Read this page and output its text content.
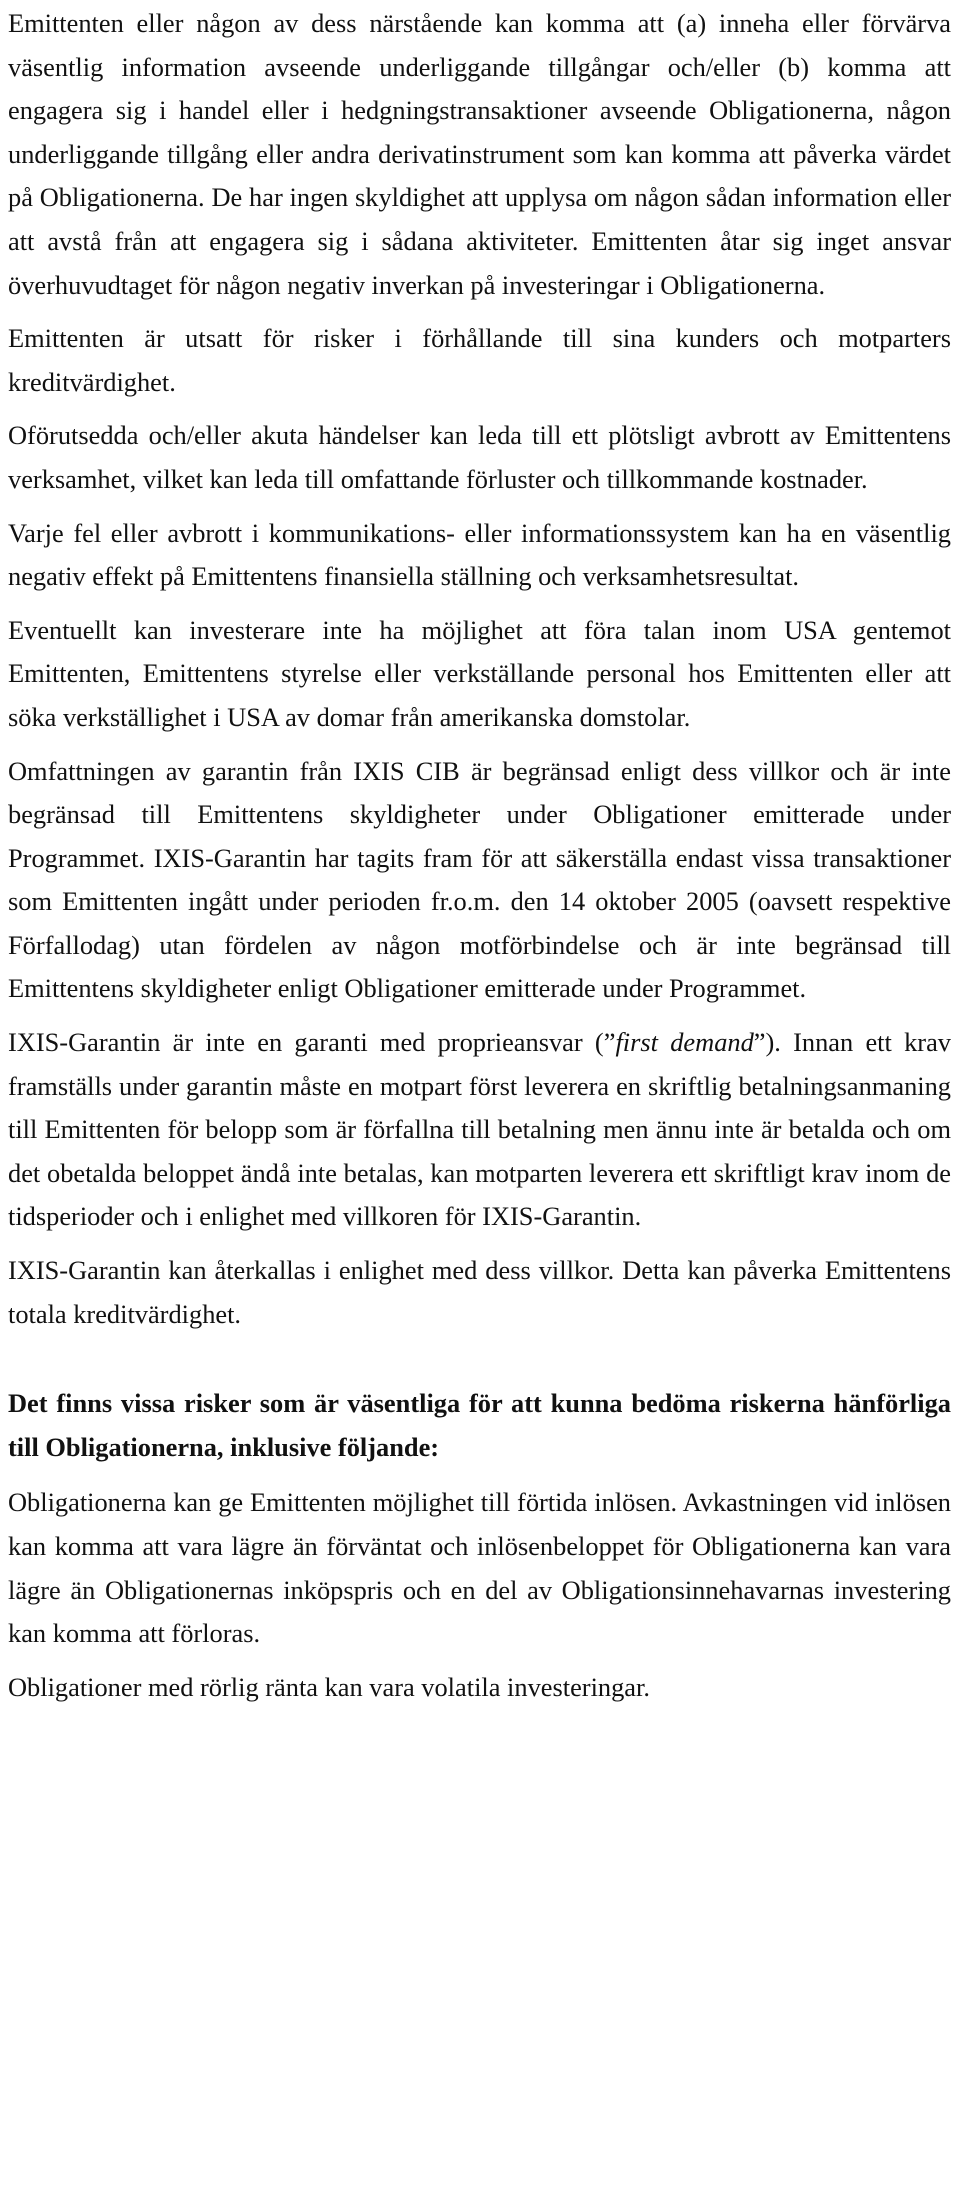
Emittenten eller någon av dess närstående kan komma att (a) inneha eller förvärva väsentlig information avseende underliggande tillgångar och/eller (b) komma att engagera sig i handel eller i hedgningstransaktioner avseende Obligationerna, någon underliggande tillgång eller andra derivatinstrument som kan komma att påverka värdet på Obligationerna. De har ingen skyldighet att upplysa om någon sådan information eller att avstå från att engagera sig i sådana aktiviteter. Emittenten åtar sig inget ansvar överhuvudtaget för någon negativ inverkan på investeringar i Obligationerna.

Emittenten är utsatt för risker i förhållande till sina kunders och motparters kreditvärdighet.

Oförutsedda och/eller akuta händelser kan leda till ett plötsligt avbrott av Emittentens verksamhet, vilket kan leda till omfattande förluster och tillkommande kostnader.

Varje fel eller avbrott i kommunikations- eller informationssystem kan ha en väsentlig negativ effekt på Emittentens finansiella ställning och verksamhetsresultat.

Eventuellt kan investerare inte ha möjlighet att föra talan inom USA gentemot Emittenten, Emittentens styrelse eller verkställande personal hos Emittenten eller att söka verkställighet i USA av domar från amerikanska domstolar.

Omfattningen av garantin från IXIS CIB är begränsad enligt dess villkor och är inte begränsad till Emittentens skyldigheter under Obligationer emitterade under Programmet. IXIS-Garantin har tagits fram för att säkerställa endast vissa transaktioner som Emittenten ingått under perioden fr.o.m. den 14 oktober 2005 (oavsett respektive Förfallodag) utan fördelen av någon motförbindelse och är inte begränsad till Emittentens skyldigheter enligt Obligationer emitterade under Programmet.

IXIS-Garantin är inte en garanti med proprieansvar (”first demand”). Innan ett krav framställs under garantin måste en motpart först leverera en skriftlig betalningsanmaning till Emittenten för belopp som är förfallna till betalning men ännu inte är betalda och om det obetalda beloppet ändå inte betalas, kan motparten leverera ett skriftligt krav inom de tidsperioder och i enlighet med villkoren för IXIS-Garantin.

IXIS-Garantin kan återkallas i enlighet med dess villkor. Detta kan påverka Emittentens totala kreditvärdighet.

Det finns vissa risker som är väsentliga för att kunna bedöma riskerna hänförliga till Obligationerna, inklusive följande:

Obligationerna kan ge Emittenten möjlighet till förtida inlösen. Avkastningen vid inlösen kan komma att vara lägre än förväntat och inlösenbeloppet för Obligationerna kan vara lägre än Obligationernas inköpspris och en del av Obligationsinnehavarnas investering kan komma att förloras.

Obligationer med rörlig ränta kan vara volatila investeringar.
